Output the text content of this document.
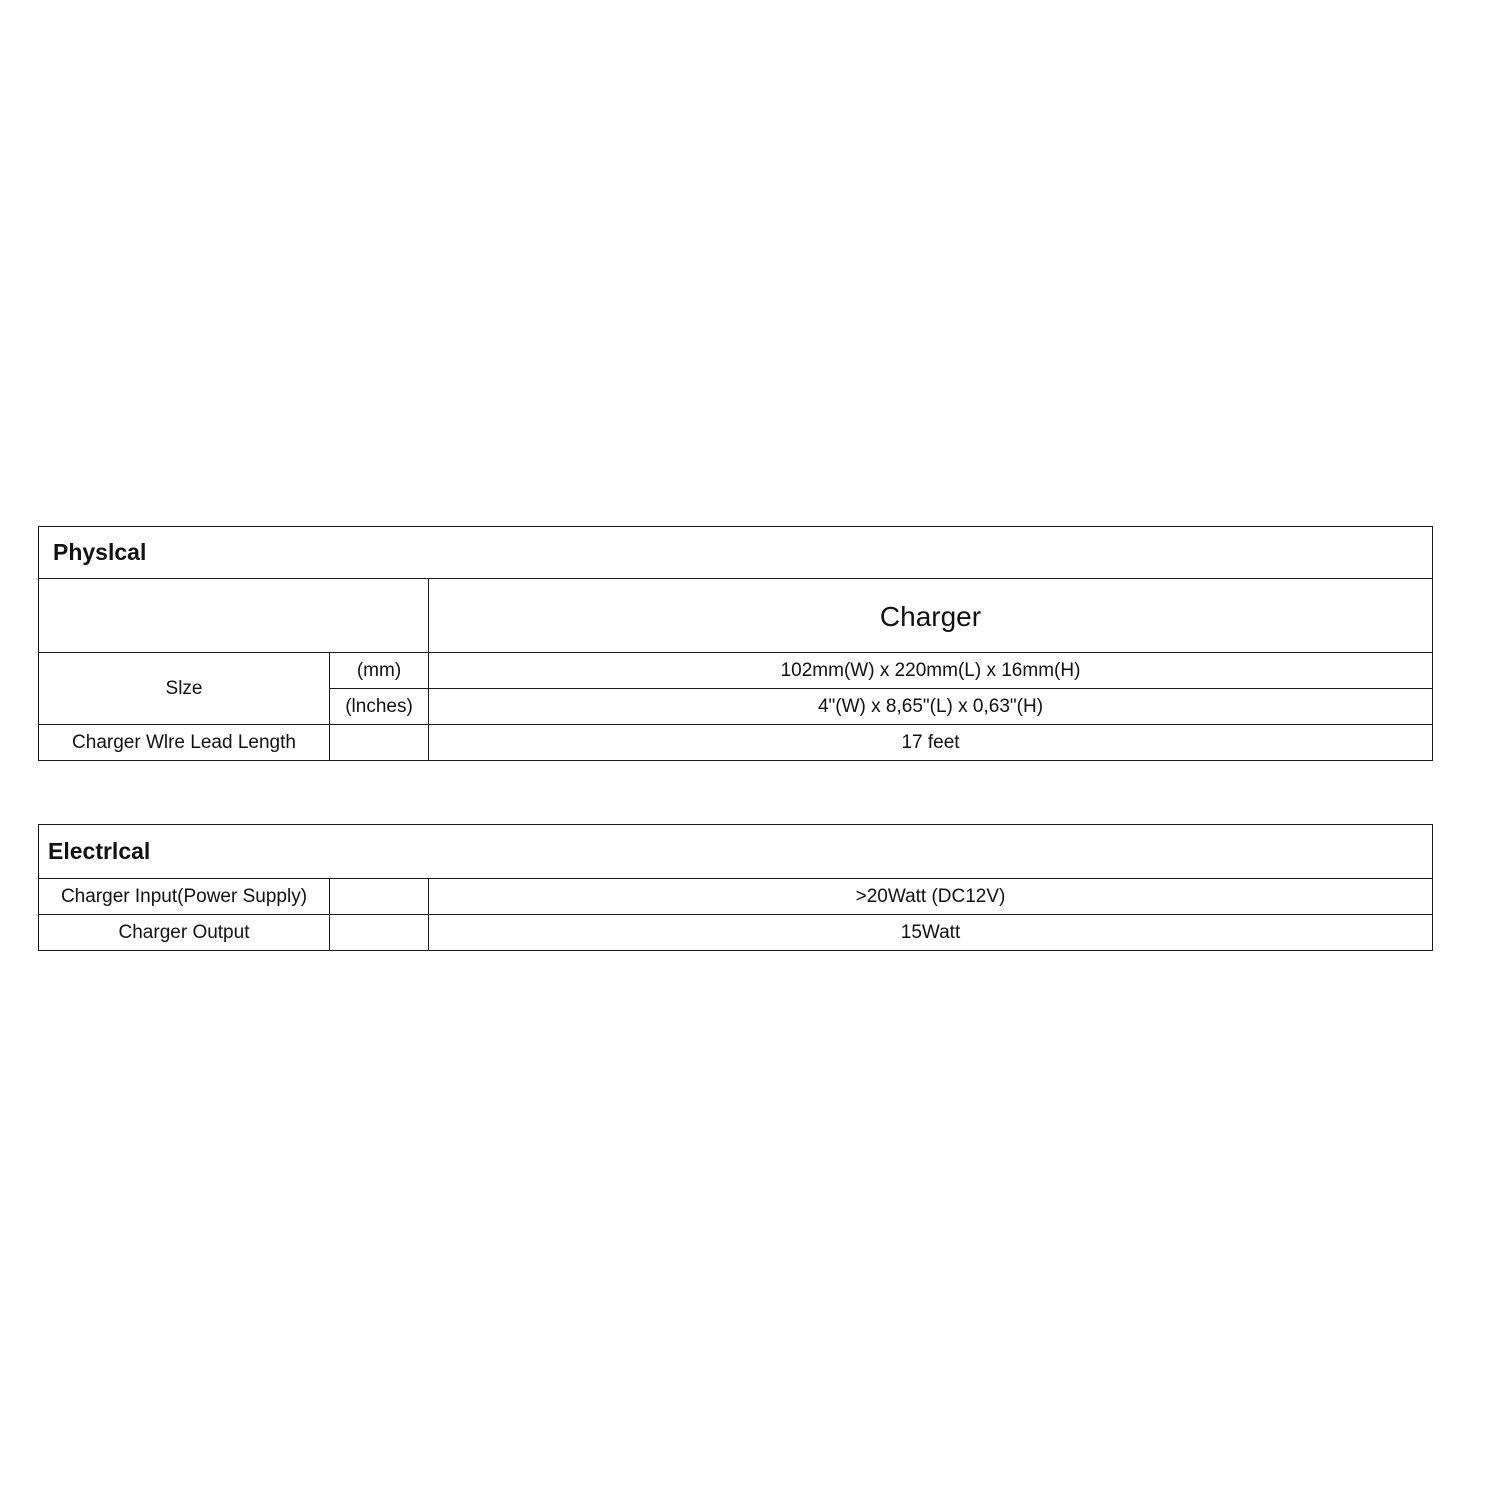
Physlcal		
		Charger
Slze	(mm)	102mm(W) x 220mm(L) x 16mm(H)
	(lnches)	4"(W) x 8,65"(L) x 0,63"(H)
Charger Wlre Lead Length		17 feet
Electrlcal		
Charger Input(Power Supply)		>20Watt (DC12V)
Charger Output		15Watt
